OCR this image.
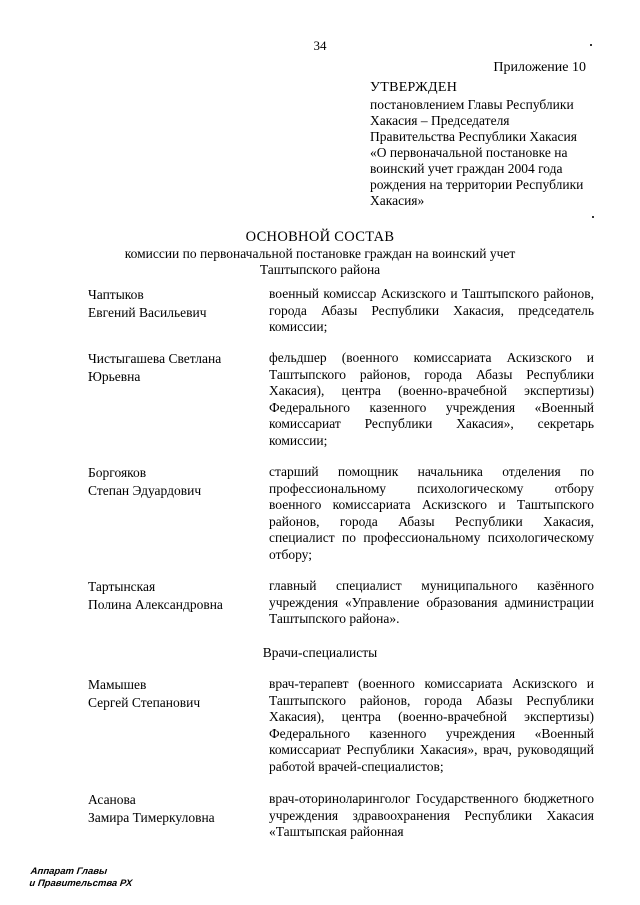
34
Приложение 10
УТВЕРЖДЕН
постановлением Главы Республики
Хакасия – Председателя
Правительства Республики Хакасия
«О первоначальной постановке на
воинский учет граждан 2004 года
рождения на территории Республики
Хакасия»
ОСНОВНОЙ СОСТАВ
комиссии по первоначальной постановке граждан на воинский учет
Таштыпского района
Чаптыков
Евгений Васильевич
военный комиссар Аскизского и Таштыпского районов, города Абазы Республики Хакасия, председатель комиссии;
Чистыгашева Светлана
Юрьевна
фельдшер (военного комиссариата Аскизского и Таштыпского районов, города Абазы Республики Хакасия), центра (военно-врачебной экспертизы) Федерального казенного учреждения «Военный комиссариат Республики Хакасия», секретарь комиссии;
Боргояков
Степан Эдуардович
старший помощник начальника отделения по профессиональному психологическому отбору военного комиссариата Аскизского и Таштыпского районов, города Абазы Республики Хакасия, специалист по профессиональному психологическому отбору;
Тартынская
Полина Александровна
главный специалист муниципального казённого учреждения «Управление образования администрации Таштыпского района».
Врачи-специалисты
Мамышев
Сергей Степанович
врач-терапевт (военного комиссариата Аскизского и Таштыпского районов, города Абазы Республики Хакасия), центра (военно-врачебной экспертизы) Федерального казенного учреждения «Военный комиссариат Республики Хакасия», врач, руководящий работой врачей-специалистов;
Асанова
Замира Тимеркуловна
врач-оториноларинголог Государственного бюджетного учреждения здравоохранения Республики Хакасия «Таштыпская районная
Аппарат Главы
и Правительства РХ
